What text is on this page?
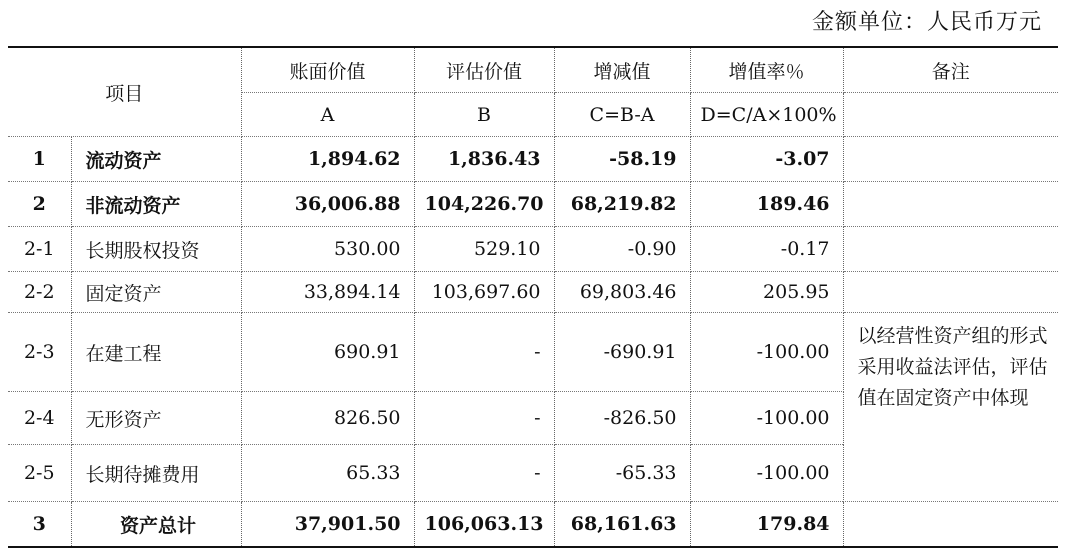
金额单位：人民币万元
项目		账面价值	评估价值	增减值	增值率％	备注
		A	B	C=B-A	D=C/A×100%	
1	流动资产	1,894.62	1,836.43	-58.19	-3.07	
2	非流动资产	36,006.88	104,226.70	68,219.82	189.46	
2-1	长期股权投资	530.00	529.10	-0.90	-0.17	
2-2	固定资产	33,894.14	103,697.60	69,803.46	205.95	
2-3	在建工程	690.91	-	-690.91	-100.00	以经营性资产组的形式采用收益法评估，评估值在固定资产中体现
2-4	无形资产	826.50	-	-826.50	-100.00	
2-5	长期待摊费用	65.33	-	-65.33	-100.00	
3	资产总计	37,901.50	106,063.13	68,161.63	179.84	
